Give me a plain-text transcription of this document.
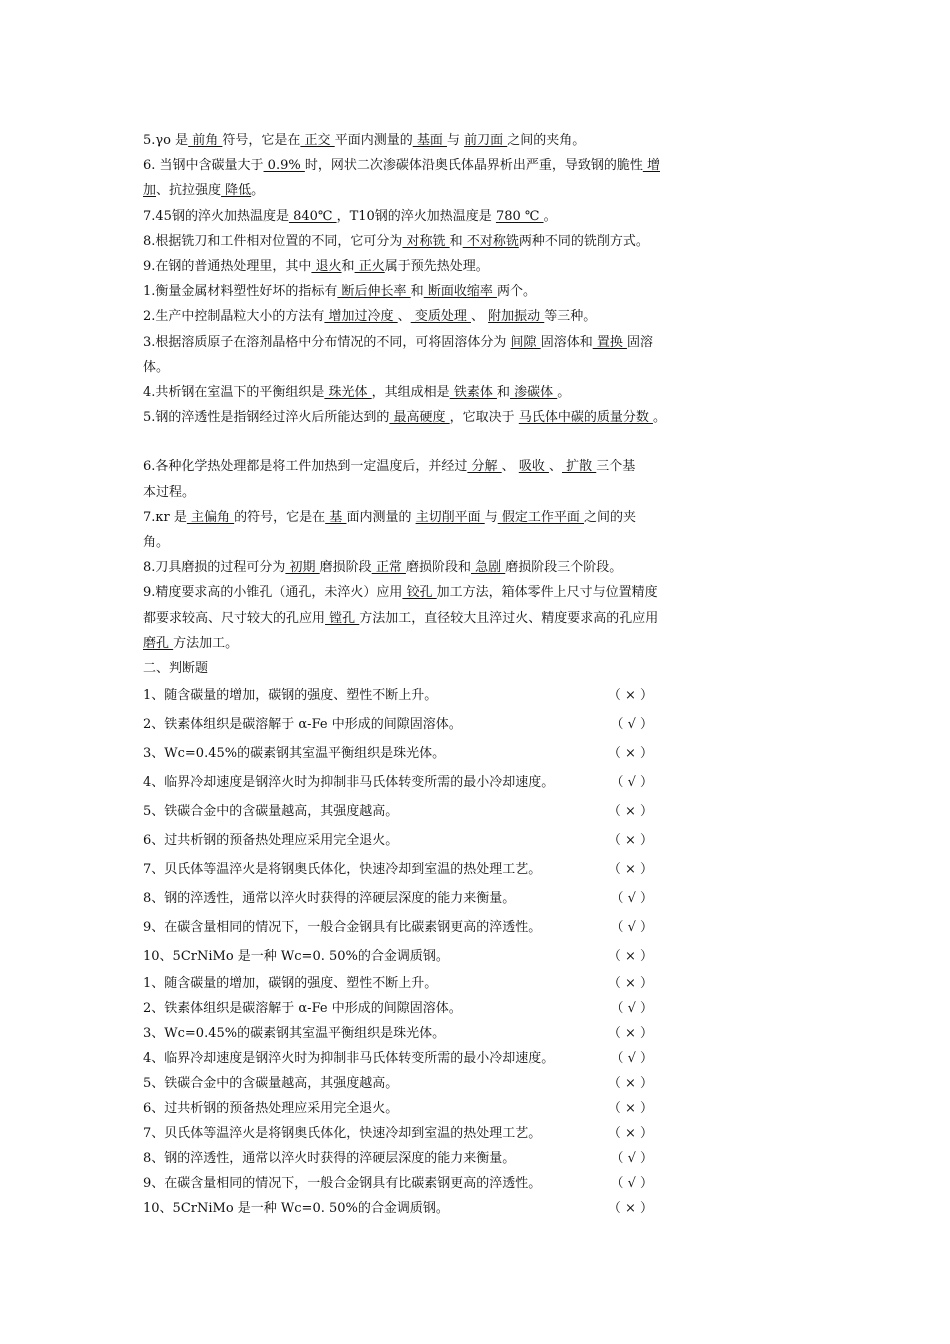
5.γo 是 前角 符号，它是在 正交 平面内测量的 基面 与 前刀面 之间的夹角。
6. 当钢中含碳量大于 0.9% 时，网状二次渗碳体沿奥氏体晶界析出严重，导致钢的脆性 增
加、抗拉强度 降低。
7.45钢的淬火加热温度是 840℃ ，T10钢的淬火加热温度是 780 ℃ 。
8.根据铣刀和工件相对位置的不同，它可分为 对称铣 和 不对称铣两种不同的铣削方式。
9.在钢的普通热处理里，其中 退火和 正火属于预先热处理。
1.衡量金属材料塑性好坏的指标有 断后伸长率 和 断面收缩率 两个。
2.生产中控制晶粒大小的方法有 增加过冷度 、 变质处理 、 附加振动 等三种。
3.根据溶质原子在溶剂晶格中分布情况的不同，可将固溶体分为 间隙 固溶体和 置换 固溶
体。
4.共析钢在室温下的平衡组织是 珠光体 ，其组成相是 铁素体 和 渗碳体 。
5.钢的淬透性是指钢经过淬火后所能达到的 最高硬度 ，它取决于 马氏体中碳的质量分数 。
6.各种化学热处理都是将工件加热到一定温度后，并经过 分解 、 吸收 、 扩散 三个基
本过程。
7.κr 是 主偏角 的符号，它是在 基 面内测量的 主切削平面 与 假定工作平面 之间的夹
角。
8.刀具磨损的过程可分为 初期 磨损阶段 正常 磨损阶段和 急剧 磨损阶段三个阶段。
9.精度要求高的小锥孔（通孔，未淬火）应用 铰孔 加工方法，箱体零件上尺寸与位置精度
都要求较高、尺寸较大的孔应用 镗孔 方法加工，直径较大且淬过火、精度要求高的孔应用
磨孔 方法加工。
二、判断题
1、随含碳量的增加，碳钢的强度、塑性不断上升。	（ × ）
2、铁素体组织是碳溶解于 α-Fe 中形成的间隙固溶体。	（ √ ）
3、Wc=0.45%的碳素钢其室温平衡组织是珠光体。	（ × ）
4、临界冷却速度是钢淬火时为抑制非马氏体转变所需的最小冷却速度。	（ √ ）
5、铁碳合金中的含碳量越高，其强度越高。	（ × ）
6、过共析钢的预备热处理应采用完全退火。	（ × ）
7、贝氏体等温淬火是将钢奥氏体化，快速冷却到室温的热处理工艺。	（ × ）
8、钢的淬透性，通常以淬火时获得的淬硬层深度的能力来衡量。	（ √ ）
9、在碳含量相同的情况下，一般合金钢具有比碳素钢更高的淬透性。	（ √ ）
10、5CrNiMo 是一种 Wc=0. 50%的合金调质钢。	（ × ）
1、随含碳量的增加，碳钢的强度、塑性不断上升。	（ × ）
2、铁素体组织是碳溶解于 α-Fe 中形成的间隙固溶体。	（ √ ）
3、Wc=0.45%的碳素钢其室温平衡组织是珠光体。	（ × ）
4、临界冷却速度是钢淬火时为抑制非马氏体转变所需的最小冷却速度。	（ √ ）
5、铁碳合金中的含碳量越高，其强度越高。	（ × ）
6、过共析钢的预备热处理应采用完全退火。	（ × ）
7、贝氏体等温淬火是将钢奥氏体化，快速冷却到室温的热处理工艺。	（ × ）
8、钢的淬透性，通常以淬火时获得的淬硬层深度的能力来衡量。	（ √ ）
9、在碳含量相同的情况下，一般合金钢具有比碳素钢更高的淬透性。	（ √ ）
10、5CrNiMo 是一种 Wc=0. 50%的合金调质钢。	（ × ）
